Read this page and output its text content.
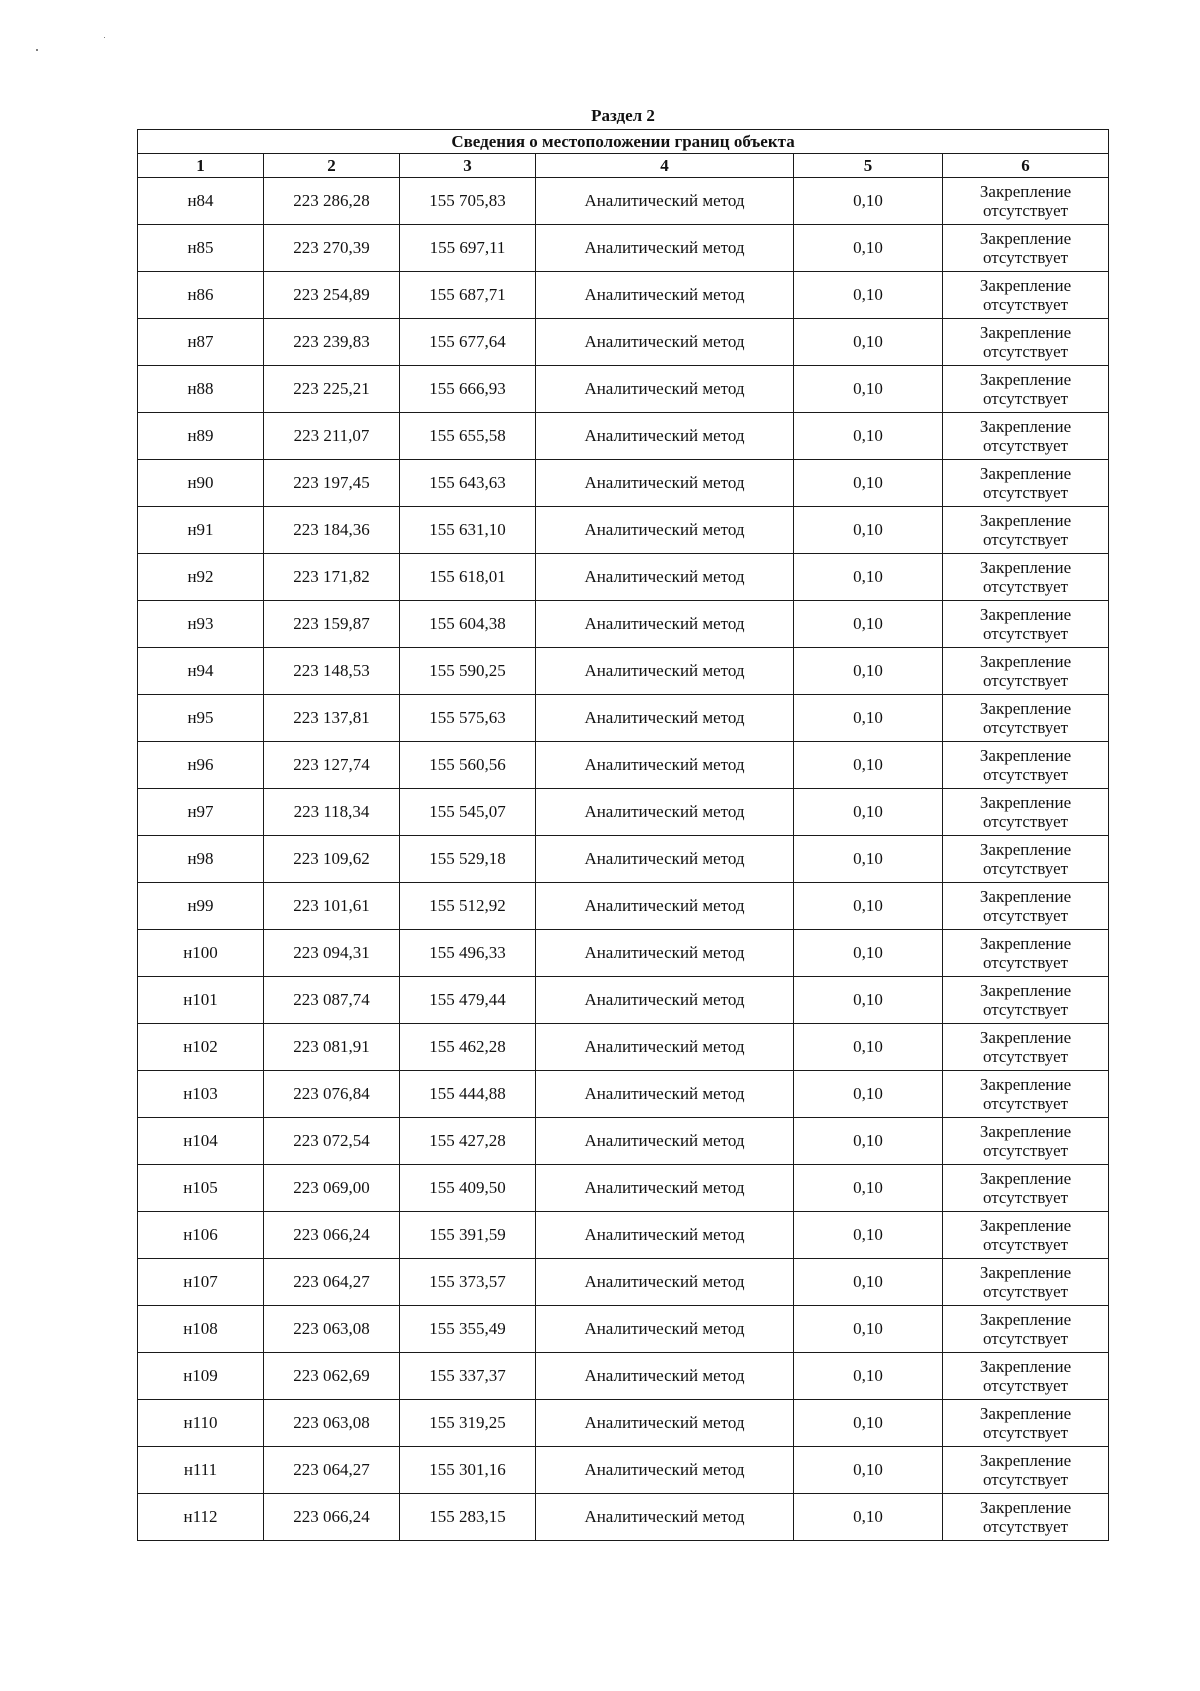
Раздел 2
Сведения о местоположении границ объекта					
1	2	3	4	5	6
н84	223 286,28	155 705,83	Аналитический метод	0,10	Закрепление
отсутствует

н85	223 270,39	155 697,11	Аналитический метод	0,10	Закрепление
отсутствует

н86	223 254,89	155 687,71	Аналитический метод	0,10	Закрепление
отсутствует

н87	223 239,83	155 677,64	Аналитический метод	0,10	Закрепление
отсутствует

н88	223 225,21	155 666,93	Аналитический метод	0,10	Закрепление
отсутствует

н89	223 211,07	155 655,58	Аналитический метод	0,10	Закрепление
отсутствует

н90	223 197,45	155 643,63	Аналитический метод	0,10	Закрепление
отсутствует

н91	223 184,36	155 631,10	Аналитический метод	0,10	Закрепление
отсутствует

н92	223 171,82	155 618,01	Аналитический метод	0,10	Закрепление
отсутствует

н93	223 159,87	155 604,38	Аналитический метод	0,10	Закрепление
отсутствует

н94	223 148,53	155 590,25	Аналитический метод	0,10	Закрепление
отсутствует

н95	223 137,81	155 575,63	Аналитический метод	0,10	Закрепление
отсутствует

н96	223 127,74	155 560,56	Аналитический метод	0,10	Закрепление
отсутствует

н97	223 118,34	155 545,07	Аналитический метод	0,10	Закрепление
отсутствует

н98	223 109,62	155 529,18	Аналитический метод	0,10	Закрепление
отсутствует

н99	223 101,61	155 512,92	Аналитический метод	0,10	Закрепление
отсутствует

н100	223 094,31	155 496,33	Аналитический метод	0,10	Закрепление
отсутствует

н101	223 087,74	155 479,44	Аналитический метод	0,10	Закрепление
отсутствует

н102	223 081,91	155 462,28	Аналитический метод	0,10	Закрепление
отсутствует

н103	223 076,84	155 444,88	Аналитический метод	0,10	Закрепление
отсутствует

н104	223 072,54	155 427,28	Аналитический метод	0,10	Закрепление
отсутствует

н105	223 069,00	155 409,50	Аналитический метод	0,10	Закрепление
отсутствует

н106	223 066,24	155 391,59	Аналитический метод	0,10	Закрепление
отсутствует

н107	223 064,27	155 373,57	Аналитический метод	0,10	Закрепление
отсутствует

н108	223 063,08	155 355,49	Аналитический метод	0,10	Закрепление
отсутствует

н109	223 062,69	155 337,37	Аналитический метод	0,10	Закрепление
отсутствует

н110	223 063,08	155 319,25	Аналитический метод	0,10	Закрепление
отсутствует

н111	223 064,27	155 301,16	Аналитический метод	0,10	Закрепление
отсутствует

н112	223 066,24	155 283,15	Аналитический метод	0,10	Закрепление
отсутствует
